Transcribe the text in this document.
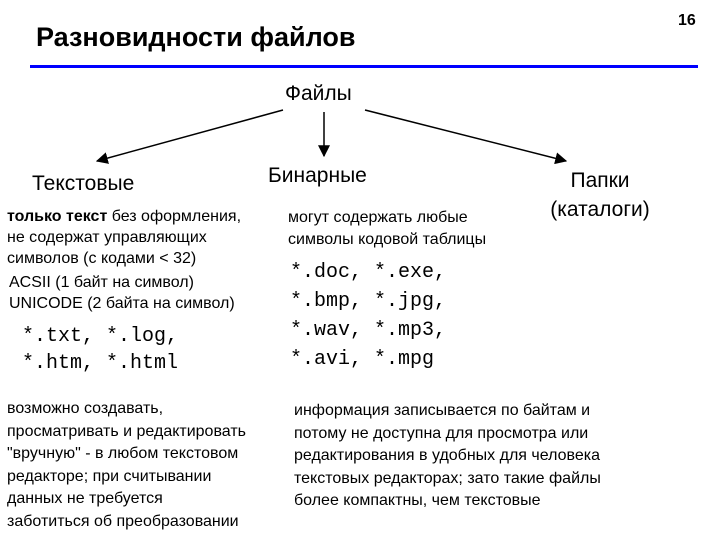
Разновидности файлов
16
Файлы
Текстовые
только текст без оформления,
не содержат управляющих
символов (с кодами < 32)
ACSII (1 байт на символ)
UNICODE (2 байта на символ)
*.txt, *.log,
*.htm, *.html
возможно создавать,
просматривать и редактировать
"вручную" - в любом текстовом
редакторе; при считывании
данных не требуется
заботиться об преобразовании
Бинарные
могут содержать любые
символы кодовой таблицы
*.doc, *.exe,
*.bmp, *.jpg,
*.wav, *.mp3,
*.avi, *.mpg
информация записывается по байтам и
потому не доступна для просмотра или
редактирования в удобных для человека
текстовых редакторах; зато такие файлы
более компактны, чем текстовые
Папки
(каталоги)
